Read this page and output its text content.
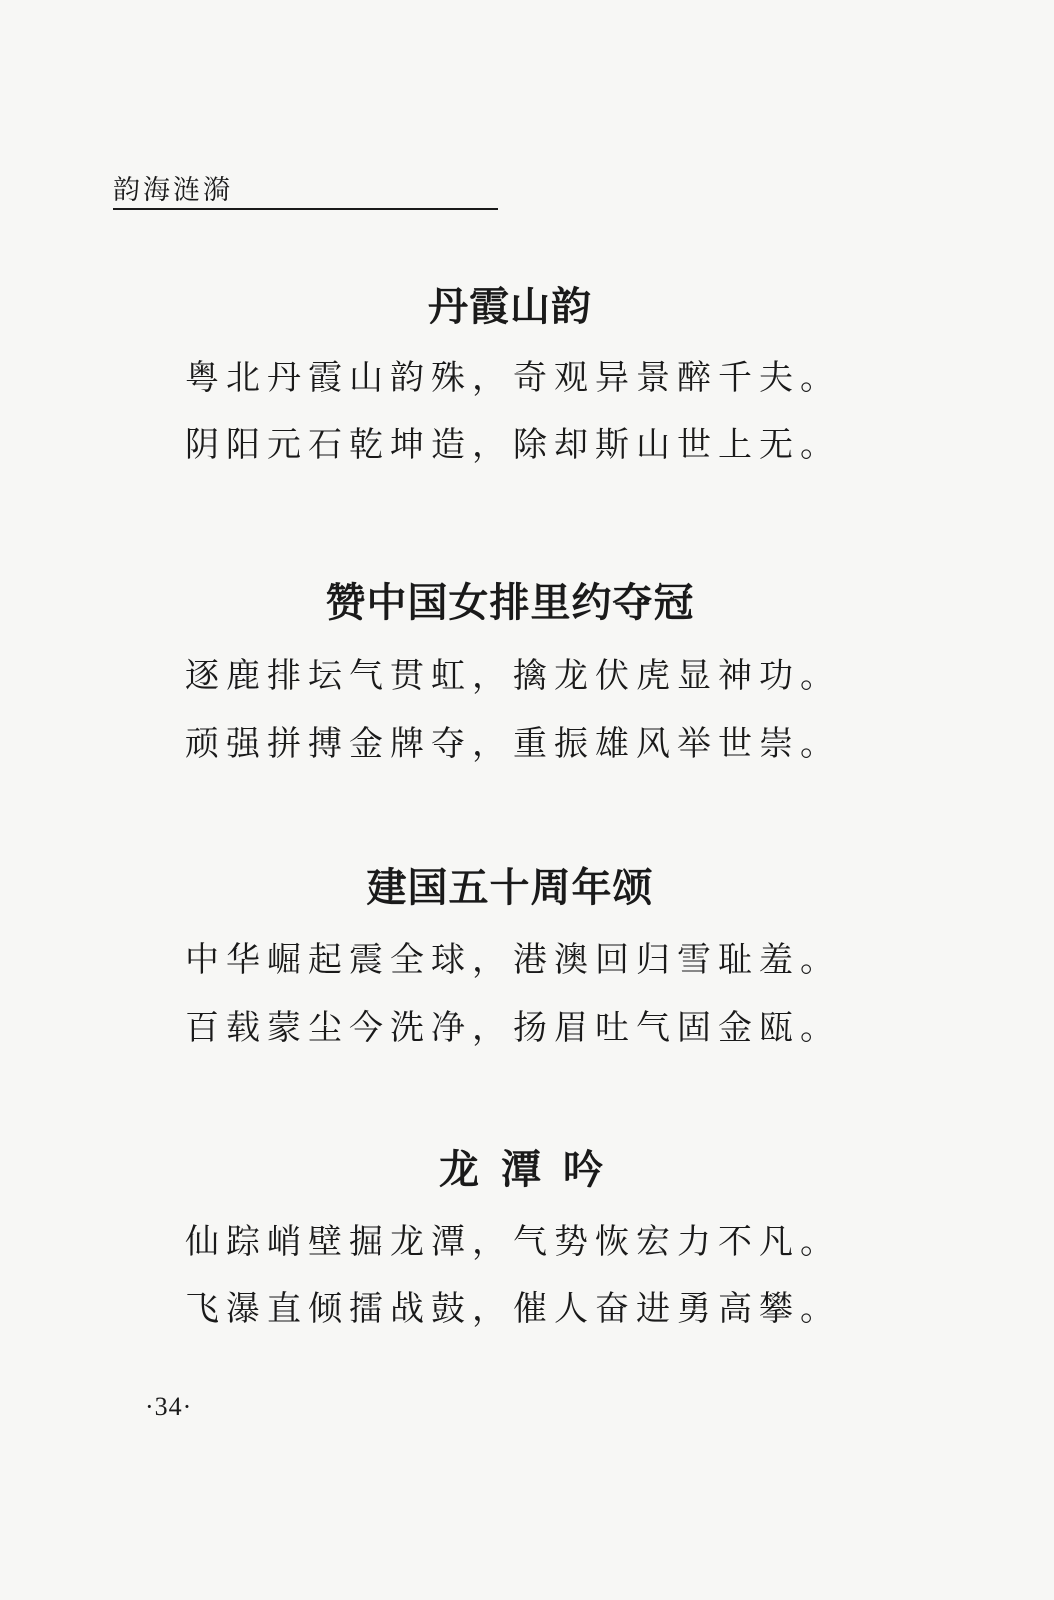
韵海涟漪
丹霞山韵
粤北丹霞山韵殊，奇观异景醉千夫。
阴阳元石乾坤造，除却斯山世上无。
赞中国女排里约夺冠
逐鹿排坛气贯虹，擒龙伏虎显神功。
顽强拼搏金牌夺，重振雄风举世崇。
建国五十周年颂
中华崛起震全球，港澳回归雪耻羞。
百载蒙尘今洗净，扬眉吐气固金瓯。
龙潭吟
仙踪峭壁掘龙潭，气势恢宏力不凡。
飞瀑直倾擂战鼓，催人奋进勇高攀。
·34·
